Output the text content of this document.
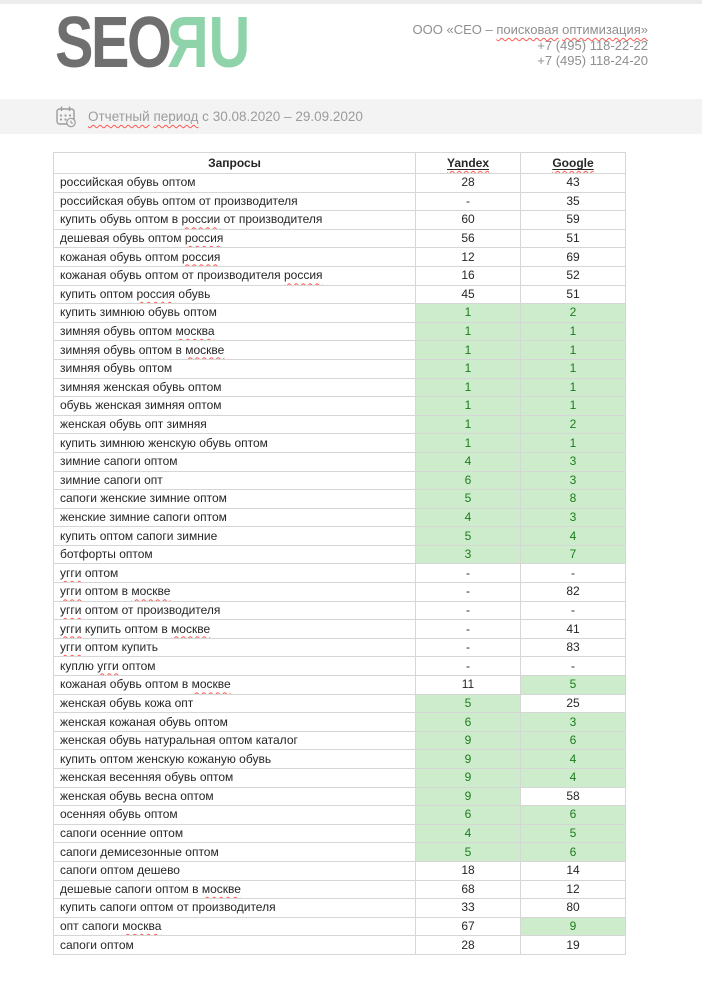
SEORU	ООО «СЕО – поисковая оптимизация»
+7 (495) 118-22-22
+7 (495) 118-24-20
Отчетный период с 30.08.2020 – 29.09.2020
Запросы	Yandex	Google
российская обувь оптом	28	43
российская обувь оптом от производителя	-	35
купить обувь оптом в россии от производителя	60	59
дешевая обувь оптом россия	56	51
кожаная обувь оптом россия	12	69
кожаная обувь оптом от производителя россия	16	52
купить оптом россия обувь	45	51
купить зимнюю обувь оптом	1	2
зимняя обувь оптом москва	1	1
зимняя обувь оптом в москве	1	1
зимняя обувь оптом	1	1
зимняя женская обувь оптом	1	1
обувь женская зимняя оптом	1	1
женская обувь опт зимняя	1	2
купить зимнюю женскую обувь оптом	1	1
зимние сапоги оптом	4	3
зимние сапоги опт	6	3
сапоги женские зимние оптом	5	8
женские зимние сапоги оптом	4	3
купить оптом сапоги зимние	5	4
ботфорты оптом	3	7
угги оптом	-	-
угги оптом в москве	-	82
угги оптом от производителя	-	-
угги купить оптом в москве	-	41
угги оптом купить	-	83
куплю угги оптом	-	-
кожаная обувь оптом в москве	11	5
женская обувь кожа опт	5	25
женская кожаная обувь оптом	6	3
женская обувь натуральная оптом каталог	9	6
купить оптом женскую кожаную обувь	9	4
женская весенняя обувь оптом	9	4
женская обувь весна оптом	9	58
осенняя обувь оптом	6	6
сапоги осенние оптом	4	5
сапоги демисезонные оптом	5	6
сапоги оптом дешево	18	14
дешевые сапоги оптом в москве	68	12
купить сапоги оптом от производителя	33	80
опт сапоги москва	67	9
сапоги оптом	28	19
